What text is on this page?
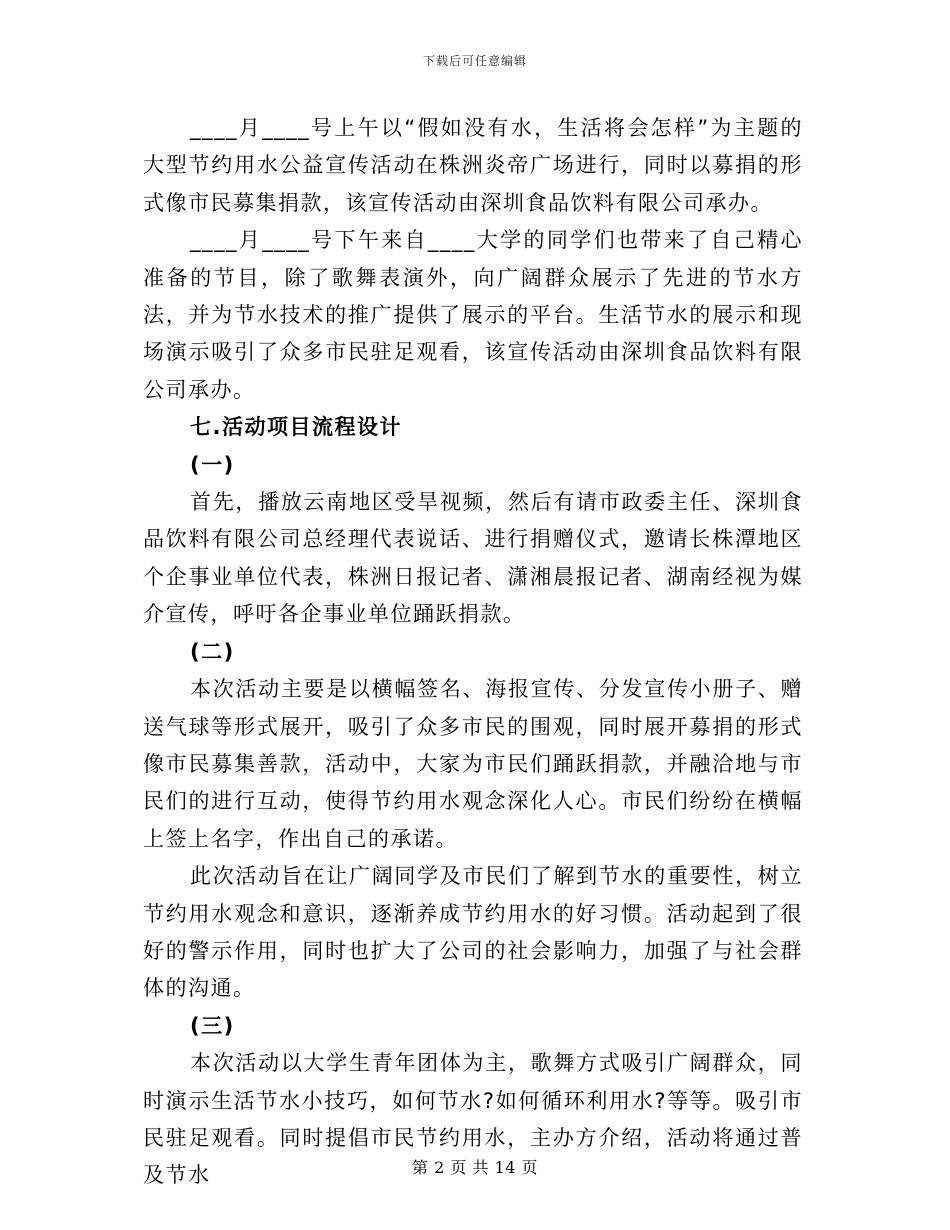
下载后可任意编辑

____月____号上午以“假如没有水，生活将会怎样”为主题的大型节约用水公益宣传活动在株洲炎帝广场进行，同时以募捐的形式像市民募集捐款，该宣传活动由深圳食品饮料有限公司承办。

____月____号下午来自____大学的同学们也带来了自己精心准备的节目，除了歌舞表演外，向广阔群众展示了先进的节水方法，并为节水技术的推广提供了展示的平台。生活节水的展示和现场演示吸引了众多市民驻足观看，该宣传活动由深圳食品饮料有限公司承办。

七.活动项目流程设计

(一)

首先，播放云南地区受旱视频，然后有请市政委主任、深圳食品饮料有限公司总经理代表说话、进行捐赠仪式，邀请长株潭地区个企事业单位代表，株洲日报记者、潇湘晨报记者、湖南经视为媒介宣传，呼吁各企事业单位踊跃捐款。

(二)

本次活动主要是以横幅签名、海报宣传、分发宣传小册子、赠送气球等形式展开，吸引了众多市民的围观，同时展开募捐的形式像市民募集善款，活动中，大家为市民们踊跃捐款，并融洽地与市民们的进行互动，使得节约用水观念深化人心。市民们纷纷在横幅上签上名字，作出自己的承诺。

此次活动旨在让广阔同学及市民们了解到节水的重要性，树立节约用水观念和意识，逐渐养成节约用水的好习惯。活动起到了很好的警示作用，同时也扩大了公司的社会影响力，加强了与社会群体的沟通。

(三)

本次活动以大学生青年团体为主，歌舞方式吸引广阔群众，同时演示生活节水小技巧，如何节水?如何循环利用水?等等。吸引市民驻足观看。同时提倡市民节约用水，主办方介绍，活动将通过普及节水	第 2 页 共 14 页
